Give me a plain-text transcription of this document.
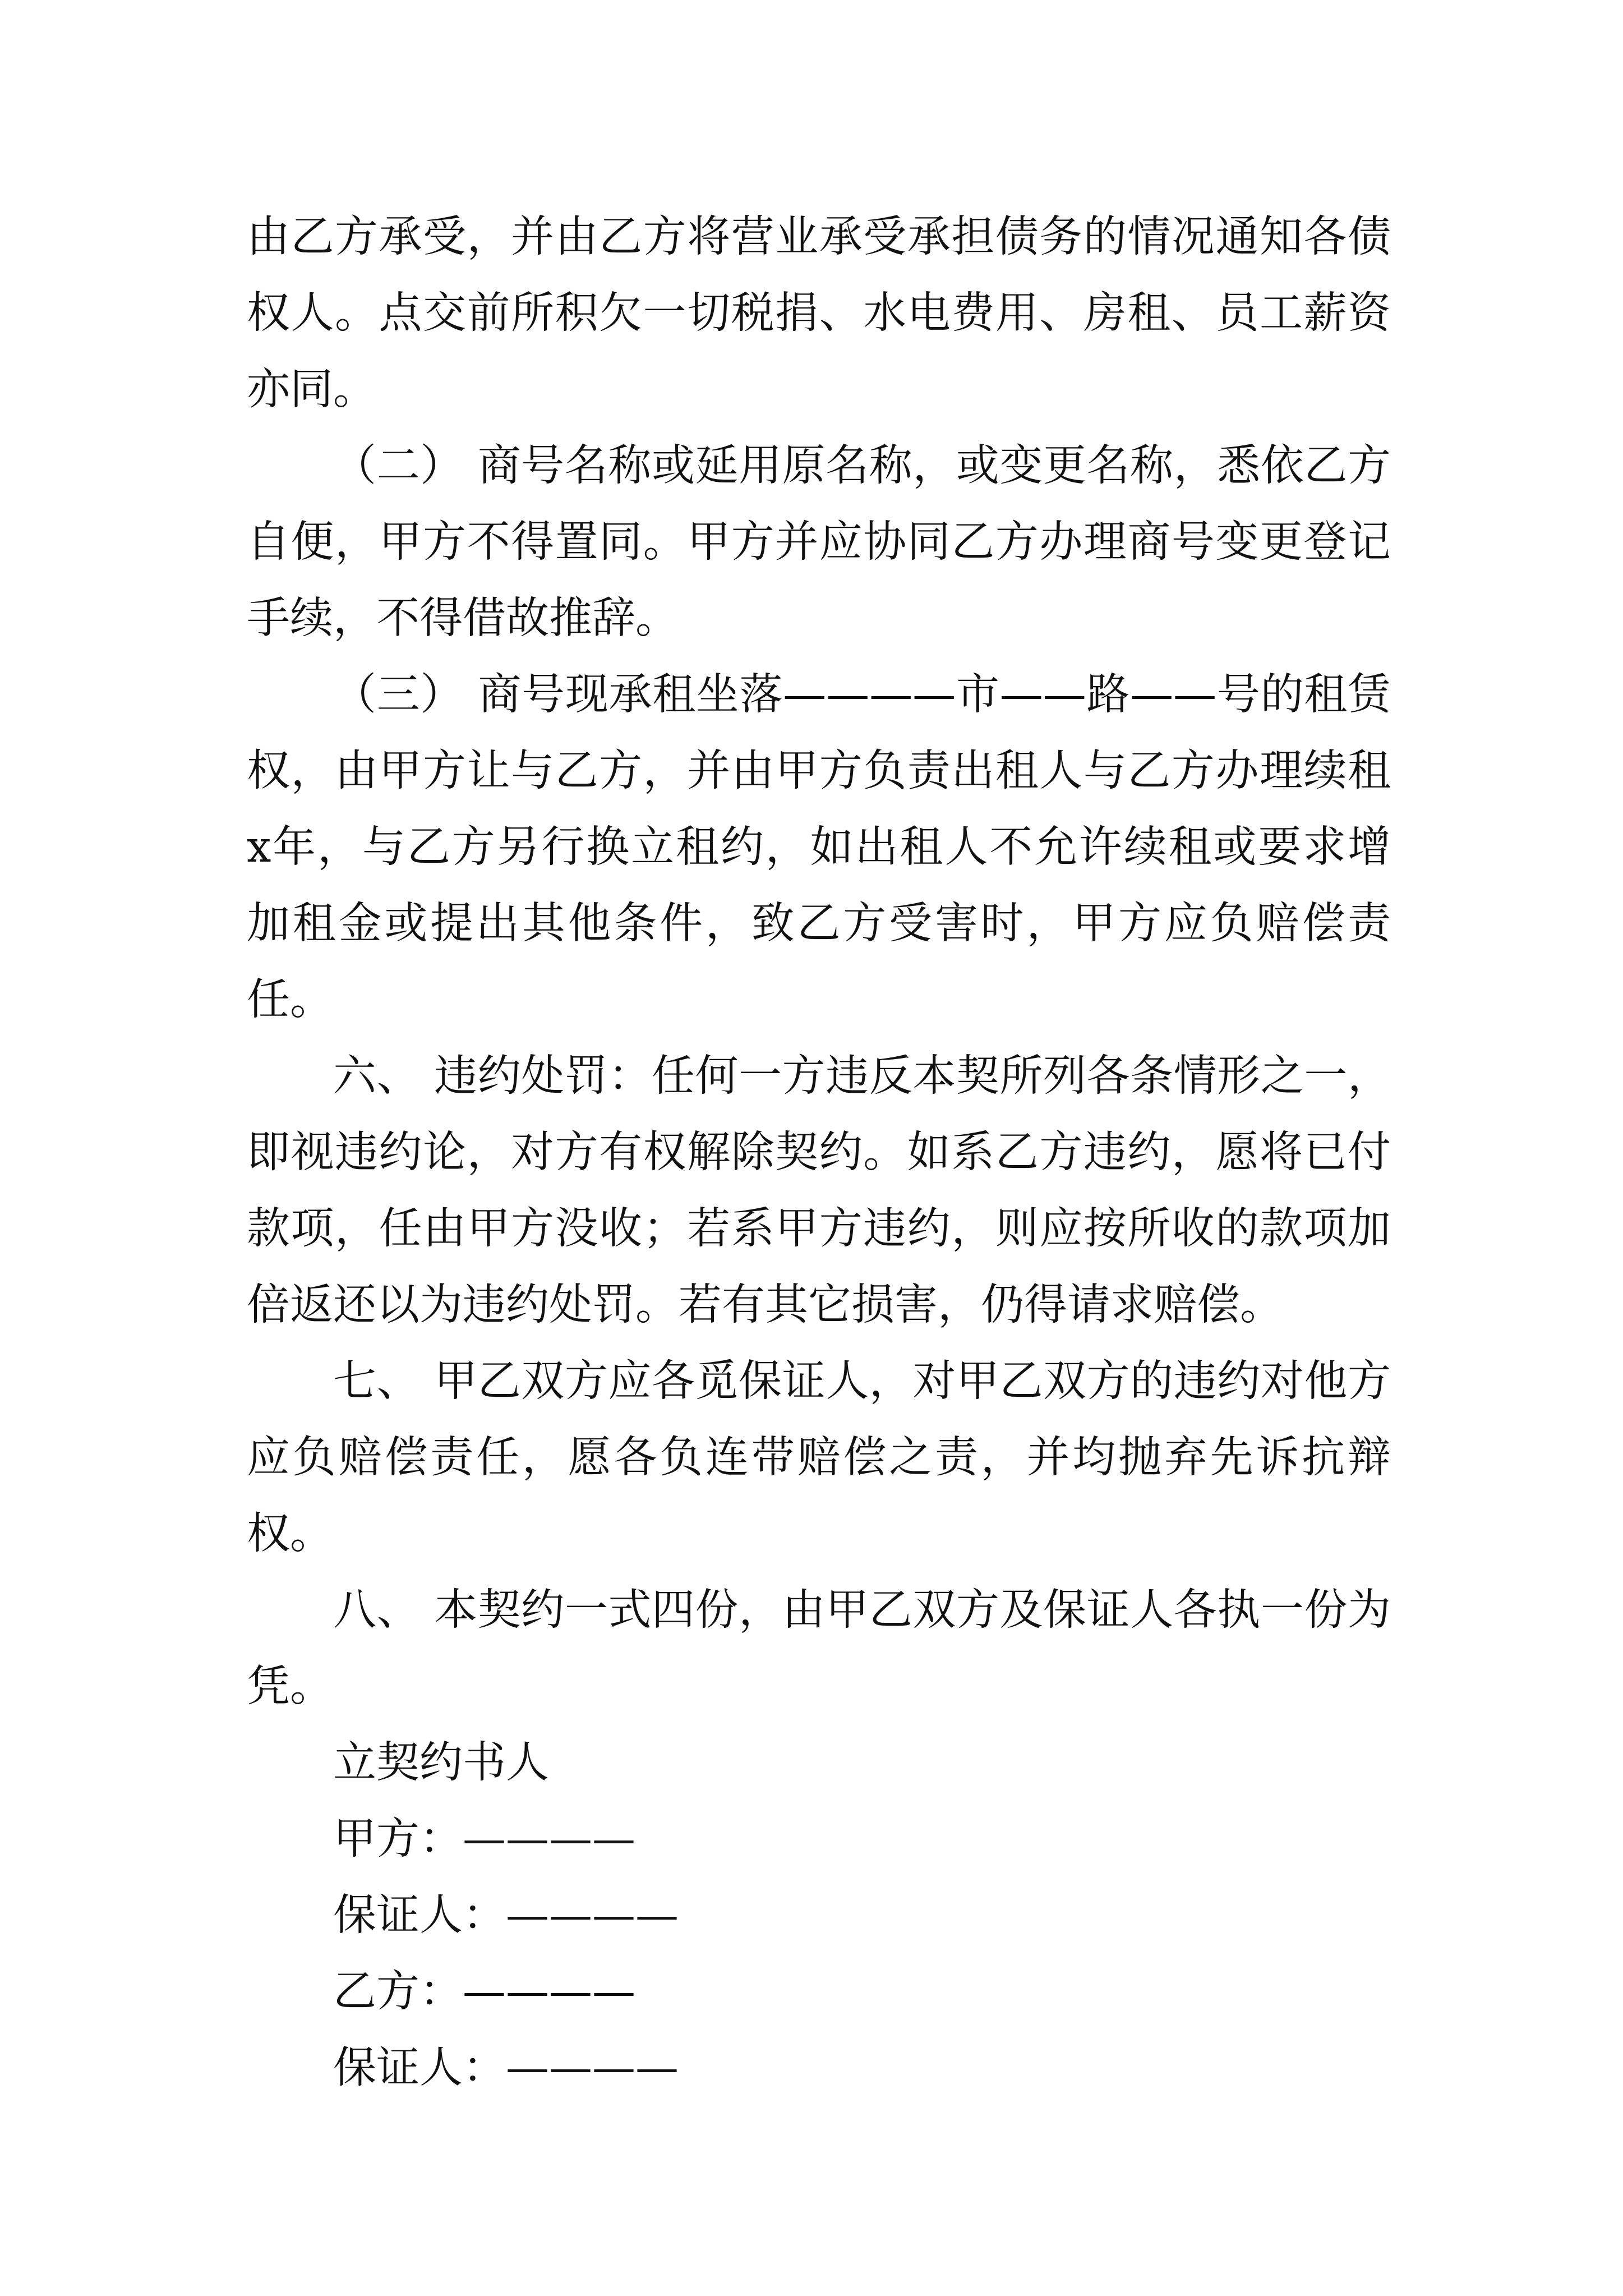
由乙方承受，并由乙方将营业承受承担债务的情况通知各债权人。点交前所积欠一切税捐、水电费用、房租、员工薪资亦同。

（二） 商号名称或延用原名称，或变更名称，悉依乙方自便，甲方不得置同。甲方并应协同乙方办理商号变更登记手续，不得借故推辞。

（三） 商号现承租坐落————市——路——号的租赁权，由甲方让与乙方，并由甲方负责出租人与乙方办理续租x年，与乙方另行换立租约，如出租人不允许续租或要求增加租金或提出其他条件，致乙方受害时，甲方应负赔偿责任。

六、 违约处罚：任何一方违反本契所列各条情形之一，即视违约论，对方有权解除契约。如系乙方违约，愿将已付款项，任由甲方没收；若系甲方违约，则应按所收的款项加倍返还以为违约处罚。若有其它损害，仍得请求赔偿。

七、 甲乙双方应各觅保证人，对甲乙双方的违约对他方应负赔偿责任，愿各负连带赔偿之责，并均抛弃先诉抗辩权。

八、 本契约一式四份，由甲乙双方及保证人各执一份为凭。

立契约书人

甲方：————

保证人：————

乙方：————

保证人：————
